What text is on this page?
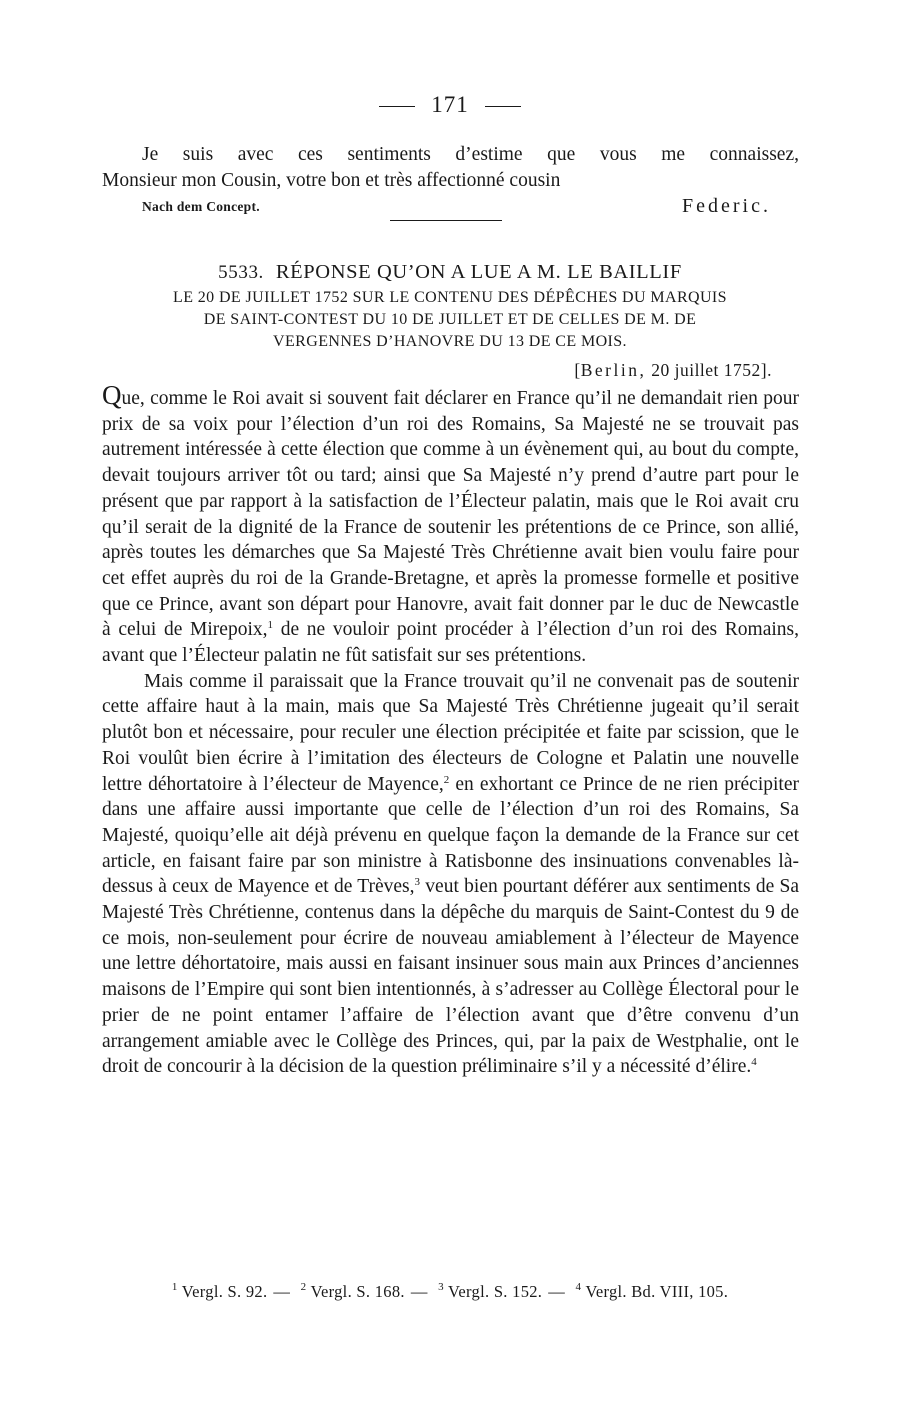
171

Je suis avec ces sentiments d’estime que vous me connaissez,

Monsieur mon Cousin, votre bon et très affectionné cousin

Nach dem Concept.	Federic.
5533. RÉPONSE QU’ON A LUE A M. LE BAILLIF
LE 20 DE JUILLET 1752 SUR LE CONTENU DES DÉPÊCHES DU MARQUIS
DE SAINT-CONTEST DU 10 DE JUILLET ET DE CELLES DE M. DE
VERGENNES D’HANOVRE DU 13 DE CE MOIS.
[Berlin, 20 juillet 1752].

Que, comme le Roi avait si souvent fait déclarer en France qu’il ne demandait rien pour prix de sa voix pour l’élection d’un roi des Romains, Sa Majesté ne se trouvait pas autrement intéressée à cette élection que comme à un évènement qui, au bout du compte, devait toujours arriver tôt ou tard; ainsi que Sa Majesté n’y prend d’autre part pour le présent que par rapport à la satisfaction de l’Électeur palatin, mais que le Roi avait cru qu’il serait de la dignité de la France de soutenir les prétentions de ce Prince, son allié, après toutes les démarches que Sa Majesté Très Chrétienne avait bien voulu faire pour cet effet auprès du roi de la Grande-Bretagne, et après la promesse formelle et positive que ce Prince, avant son départ pour Hanovre, avait fait donner par le duc de Newcastle à celui de Mirepoix,$^1$ de ne vouloir point procéder à l’élection d’un roi des Romains, avant que l’Électeur palatin ne fût satisfait sur ses prétentions.

Mais comme il paraissait que la France trouvait qu’il ne convenait pas de soutenir cette affaire haut à la main, mais que Sa Majesté Très Chrétienne jugeait qu’il serait plutôt bon et nécessaire, pour reculer une élection précipitée et faite par scission, que le Roi voulût bien écrire à l’imitation des électeurs de Cologne et Palatin une nouvelle lettre déhortatoire à l’électeur de Mayence,$^2$ en exhortant ce Prince de ne rien précipiter dans une affaire aussi importante que celle de l’élection d’un roi des Romains, Sa Majesté, quoiqu’elle ait déjà prévenu en quelque façon la demande de la France sur cet article, en faisant faire par son ministre à Ratisbonne des insinuations convenables là-dessus à ceux de Mayence et de Trèves,$^3$ veut bien pourtant déférer aux sentiments de Sa Majesté Très Chrétienne, contenus dans la dépêche du marquis de Saint-Contest du 9 de ce mois, non-seulement pour écrire de nouveau amiablement à l’électeur de Mayence une lettre déhortatoire, mais aussi en faisant insinuer sous main aux Princes d’anciennes maisons de l’Empire qui sont bien intentionnés, à s’adresser au Collège Électoral pour le prier de ne point entamer l’affaire de l’élection avant que d’être convenu d’un arrangement amiable avec le Collège des Princes, qui, par la paix de Westphalie, ont le droit de concourir à la décision de la question préliminaire s’il y a nécessité d’élire.$^4$

$^1$ Vergl. S. 92. — $^2$ Vergl. S. 168. — $^3$ Vergl. S. 152. — $^4$ Vergl. Bd. VIII, 105.
